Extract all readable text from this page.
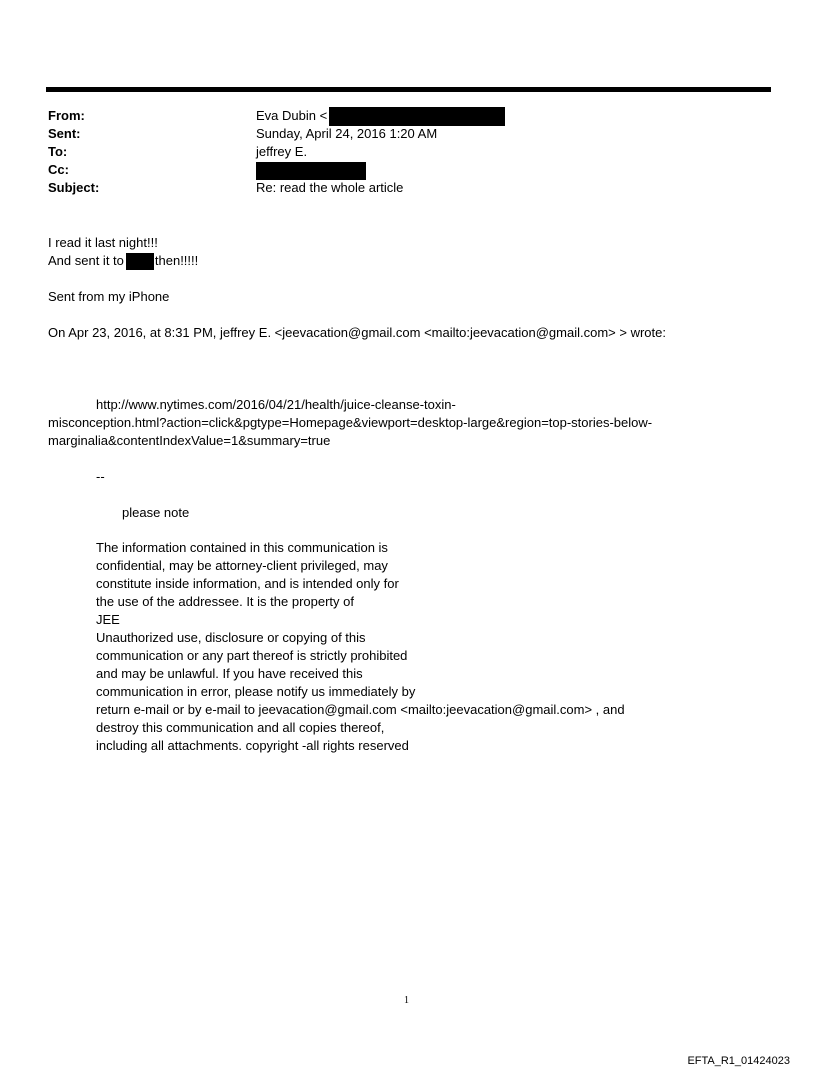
From:	Eva Dubin <
Sent:	Sunday, April 24, 2016 1:20 AM
To:	jeffrey E.
Cc:
Subject:	Re: read the whole article
I read it last night!!!
And sent it to then!!!!!
Sent from my iPhone
On Apr 23, 2016, at 8:31 PM, jeffrey E. <jeevacation@gmail.com <mailto:jeevacation@gmail.com> > wrote:
http://www.nytimes.com/2016/04/21/health/juice-cleanse-toxin-
misconception.html?action=click&pgtype=Homepage&viewport=desktop-large&region=top-stories-below-
marginalia&contentIndexValue=1&summary=true
--
please note
The information contained in this communication is
confidential, may be attorney-client privileged, may
constitute inside information, and is intended only for
the use of the addressee. It is the property of
JEE
Unauthorized use, disclosure or copying of this
communication or any part thereof is strictly prohibited
and may be unlawful. If you have received this
communication in error, please notify us immediately by
return e-mail or by e-mail to jeevacation@gmail.com <mailto:jeevacation@gmail.com> , and
destroy this communication and all copies thereof,
including all attachments. copyright -all rights reserved
1
EFTA_R1_01424023
